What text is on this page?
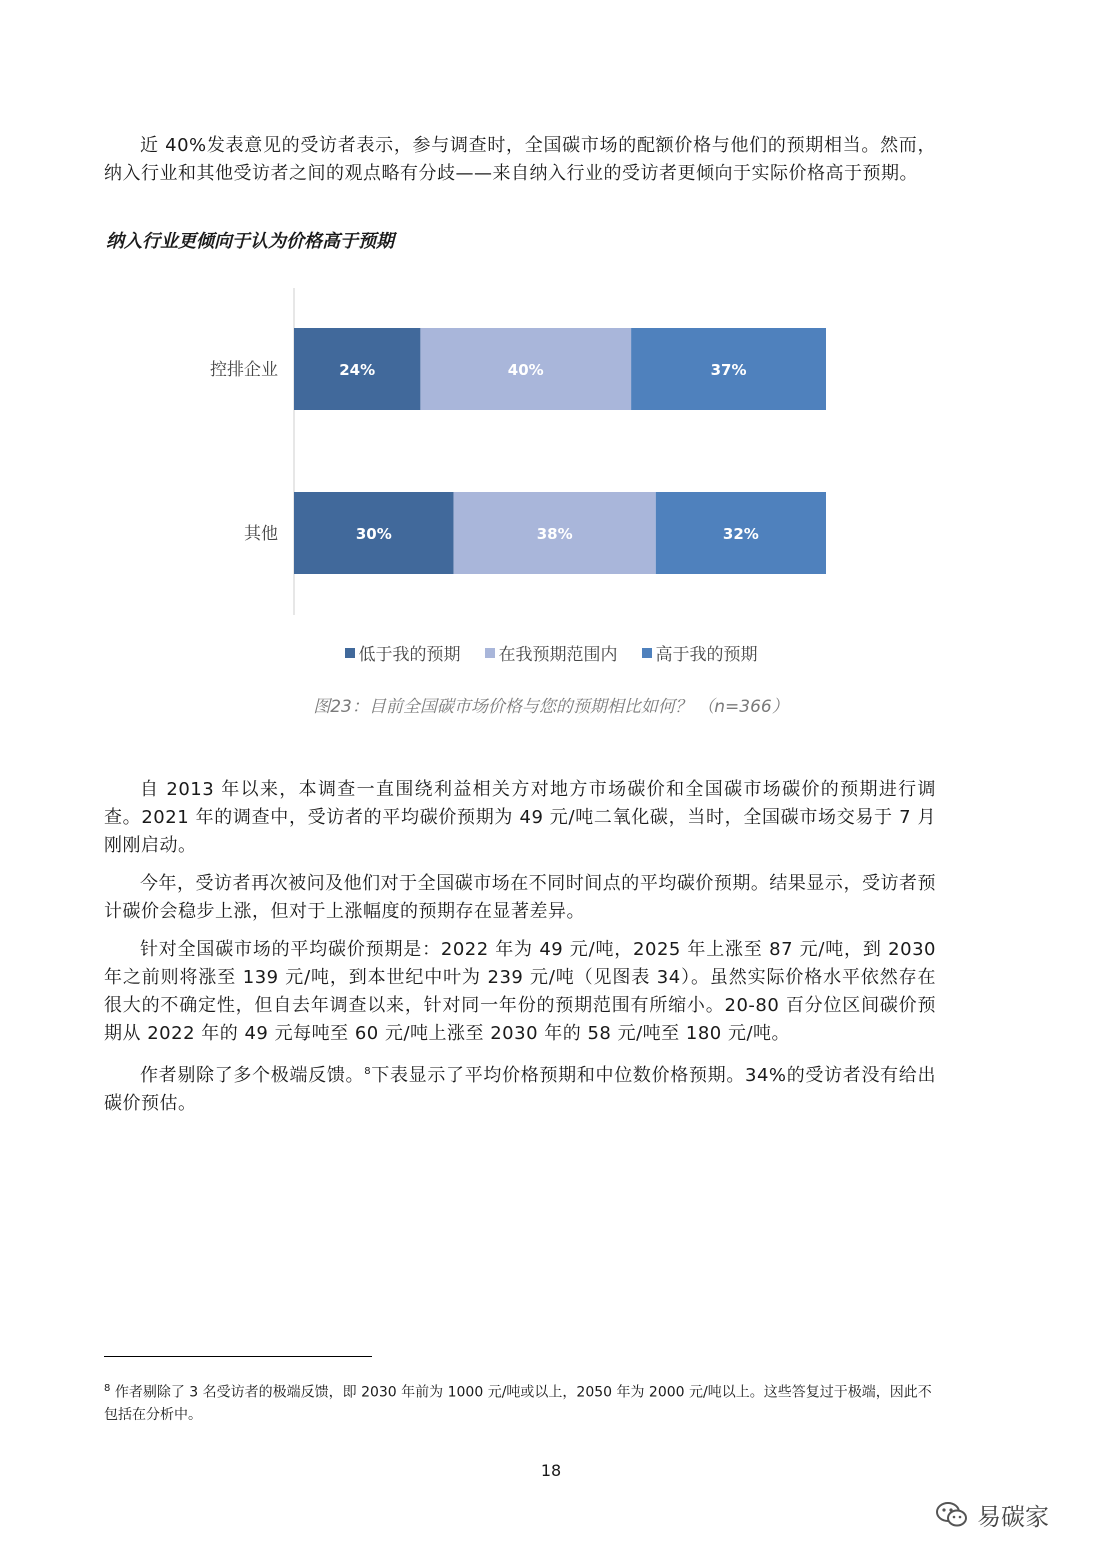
近 40%发表意见的受访者表示，参与调查时，全国碳市场的配额价格与他们的预期相当。然而，纳入行业和其他受访者之间的观点略有分歧——来自纳入行业的受访者更倾向于实际价格高于预期。

纳入行业更倾向于认为价格高于预期
控排企业	24%	40%	37%
其他	30%	38%	32%
低于我的预期 在我预期范围内 高于我的预期
图23：目前全国碳市场价格与您的预期相比如何？ （n=366）

自 2013 年以来，本调查一直围绕利益相关方对地方市场碳价和全国碳市场碳价的预期进行调查。2021 年的调查中，受访者的平均碳价预期为 49 元/吨二氧化碳，当时，全国碳市场交易于 7 月刚刚启动。

今年，受访者再次被问及他们对于全国碳市场在不同时间点的平均碳价预期。结果显示，受访者预计碳价会稳步上涨，但对于上涨幅度的预期存在显著差异。

针对全国碳市场的平均碳价预期是：2022 年为 49 元/吨，2025 年上涨至 87 元/吨，到 2030 年之前则将涨至 139 元/吨，到本世纪中叶为 239 元/吨（见图表 34）。虽然实际价格水平依然存在很大的不确定性，但自去年调查以来，针对同一年份的预期范围有所缩小。20-80 百分位区间碳价预期从 2022 年的 49 元每吨至 60 元/吨上涨至 2030 年的 58 元/吨至 180 元/吨。

作者剔除了多个极端反馈。$^8$下表显示了平均价格预期和中位数价格预期。34%的受访者没有给出碳价预估。

$^8$ 作者剔除了 3 名受访者的极端反馈，即 2030 年前为 1000 元/吨或以上，2050 年为 2000 元/吨以上。这些答复过于极端，因此不包括在分析中。

18
易碳家
